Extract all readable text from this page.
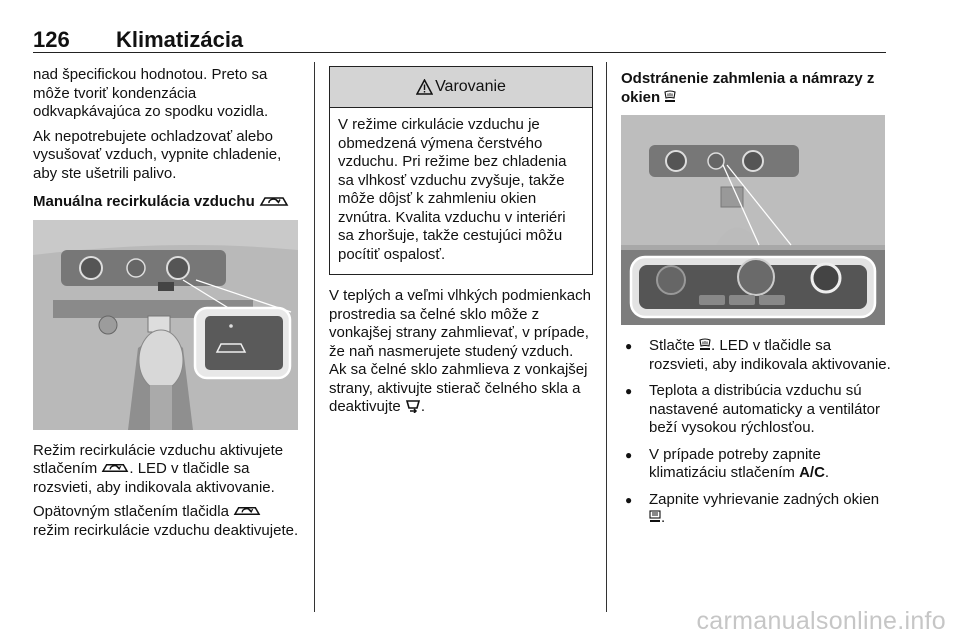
126 Klimatizácia

nad špecifickou hodnotou. Preto sa môže tvoriť kondenzácia odkvapkávajúca zo spodku vozidla.

Ak nepotrebujete ochladzovať alebo vysušovať vzduch, vypnite chladenie, aby ste ušetrili palivo.

Manuálna recirkulácia vzduchu

Režim recirkulácie vzduchu aktivujete stlačením . LED v tlačidle sa rozsvieti, aby indikovala aktivovanie.

Opätovným stlačením tlačidla  režim recirkulácie vzduchu deaktivujete.

Varovanie

V režime cirkulácie vzduchu je obmedzená výmena čerstvého vzduchu. Pri režime bez chladenia sa vlhkosť vzduchu zvyšuje, takže môže dôjsť k zahmleniu okien zvnútra. Kvalita vzduchu v interiéri sa zhoršuje, takže cestujúci môžu pocítiť ospalosť.

V teplých a veľmi vlhkých podmienkach prostredia sa čelné sklo môže z vonkajšej strany zahmlievať, v prípade, že naň nasmerujete studený vzduch. Ak sa čelné sklo zahmlieva z vonkajšej strany, aktivujte stierač čelného skla a deaktivujte .

Odstránenie zahmlenia a námrazy z okien

● Stlačte . LED v tlačidle sa rozsvieti, aby indikovala aktivovanie.
● Teplota a distribúcia vzduchu sú nastavené automaticky a ventilátor beží vysokou rýchlosťou.
● V prípade potreby zapnite klimatizáciu stlačením A/C.
● Zapnite vyhrievanie zadných okien .
carmanualsonline.info
